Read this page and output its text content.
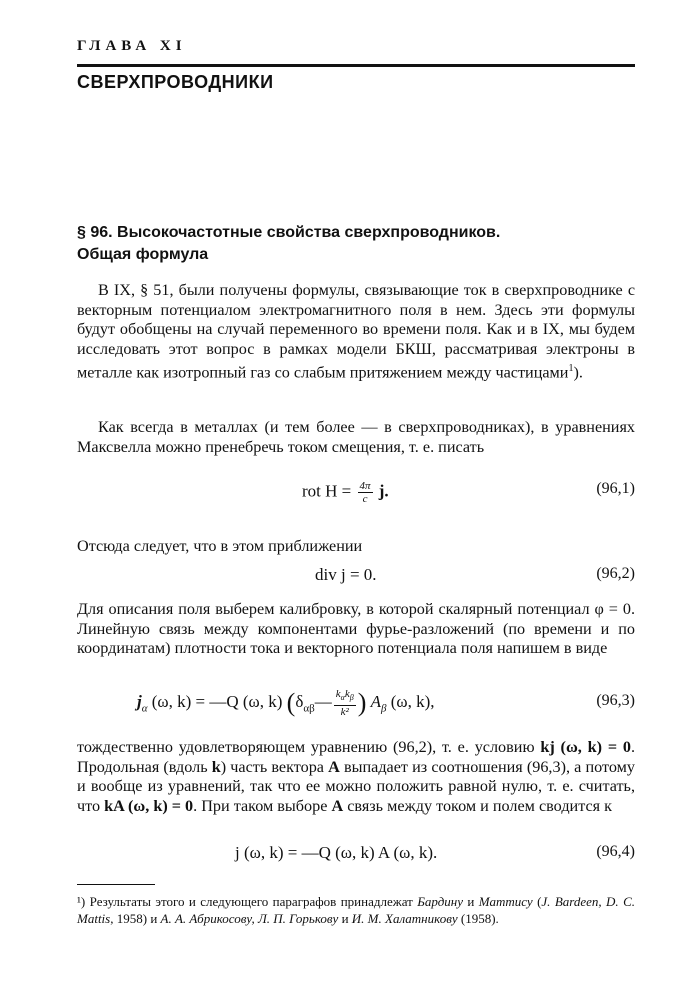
ГЛАВА XI
СВЕРХПРОВОДНИКИ
§ 96. Высокочастотные свойства сверхпроводников.
Общая формула
В IX, § 51, были получены формулы, связывающие ток в сверхпроводнике с векторным потенциалом электромагнитного поля в нем. Здесь эти формулы будут обобщены на случай переменного во времени поля. Как и в IX, мы будем исследовать этот вопрос в рамках модели БКШ, рассматривая электроны в металле как изотропный газ со слабым притяжением между частицами$^1$).
Как всегда в металлах (и тем более — в сверхпроводниках), в уравнениях Максвелла можно пренебречь током смещения, т. е. писать
rot $H = \frac{4\pi}{c} j$.	(96,1)
Отсюда следует, что в этом приближении
div j = 0.	(96,2)
Для описания поля выберем калибровку, в которой скалярный потенциал φ = 0. Линейную связь между компонентами фурье-разложений (по времени и по координатам) плотности тока и векторного потенциала поля напишем в виде
$j_\alpha$ (ω, k) = —Q (ω, k) ($\delta_{\alpha\beta}— \frac{k_\alpha k_\beta}{\text{k²}}$ ) $A_\beta$ (ω, k),	(96,3)
тождественно удовлетворяющем уравнению (96,2), т. е. условию kj (ω, k) = 0. Продольная (вдоль k) часть вектора A выпадает из соотношения (96,3), а потому и вообще из уравнений, так что ее можно положить равной нулю, т. е. считать, что kA (ω, k) = 0. При таком выборе A связь между током и полем сводится к
j (ω, k) = —Q (ω, k) A (ω, k).	(96,4)
¹) Результаты этого и следующего параграфов принадлежат Бардину и Маттису (J. Bardeen, D. C. Mattis, 1958) и А. А. Абрикосову, Л. П. Горькову и И. М. Халатникову (1958).
